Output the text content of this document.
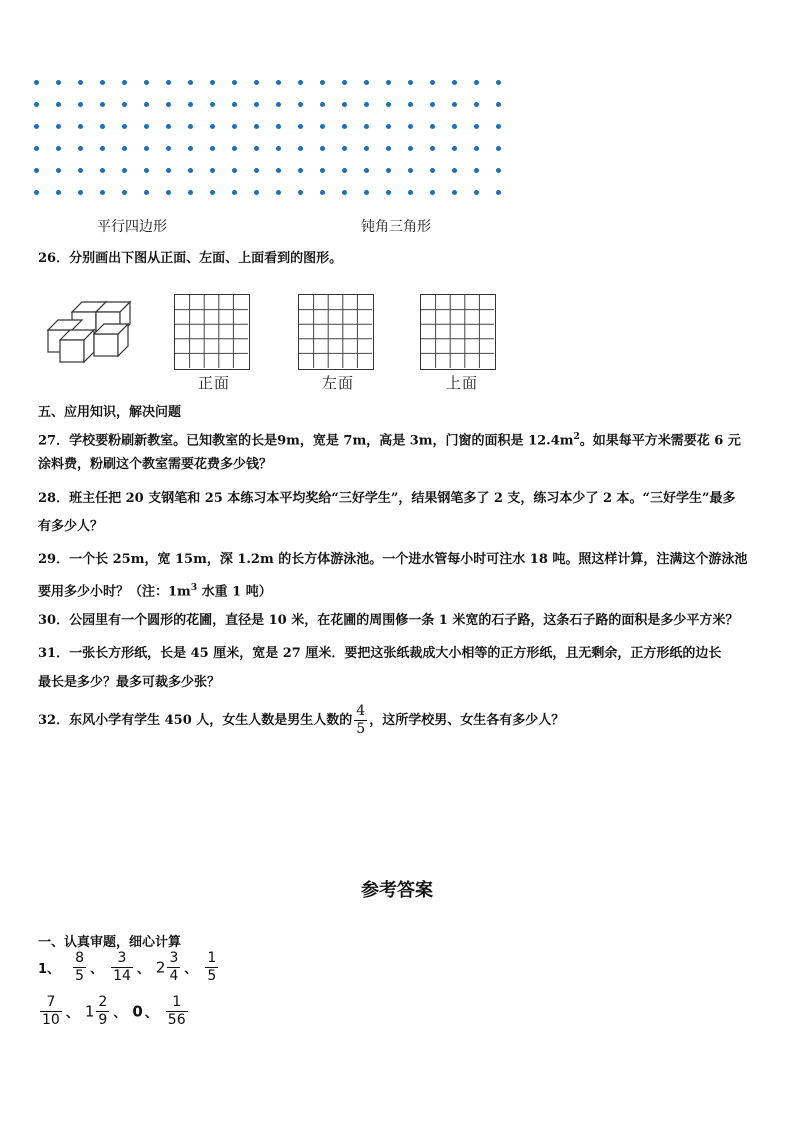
平行四边形	钝角三角形
26．分别画出下图从正面、左面、上面看到的图形。
正面	左面	上面
五、应用知识，解决问题
27．学校要粉刷新教室。已知教室的长是9m，宽是 7m，高是 3m，门窗的面积是 $12.4m^2$。如果每平方米需要花 6 元
涂料费，粉刷这个教室需要花费多少钱？
28．班主任把 20 支钢笔和 25 本练习本平均奖给“三好学生”，结果钢笔多了 2 支，练习本少了 2 本。“三好学生”最多
有多少人？
29．一个长 25m，宽 15m，深 1.2m 的长方体游泳池。一个进水管每小时可注水 18 吨。照这样计算，注满这个游泳池
要用多少小时？（注：$1m^3$ 水重 1 吨）
30．公园里有一个圆形的花圃，直径是 10 米，在花圃的周围修一条 1 米宽的石子路，这条石子路的面积是多少平方米？
31．一张长方形纸，长是 45 厘米，宽是 27 厘米．要把这张纸裁成大小相等的正方形纸，且无剩余，正方形纸的边长
最长是多少？最多可裁多少张？
32．东风小学有学生 450 人，女生人数是男生人数的 $\frac{4}{5}$ ，这所学校男、女生各有多少人？
参考答案
一、认真审题，细心计算
1、 $\frac{8}{5}$ 、 $\frac{3}{14}$ 、 $2 \frac{3}{4}$ 、 $\frac{1}{5}$
$\frac{7}{10}$ 、 $1 \frac{2}{9}$ 、 0 、 $\frac{1}{56}$
